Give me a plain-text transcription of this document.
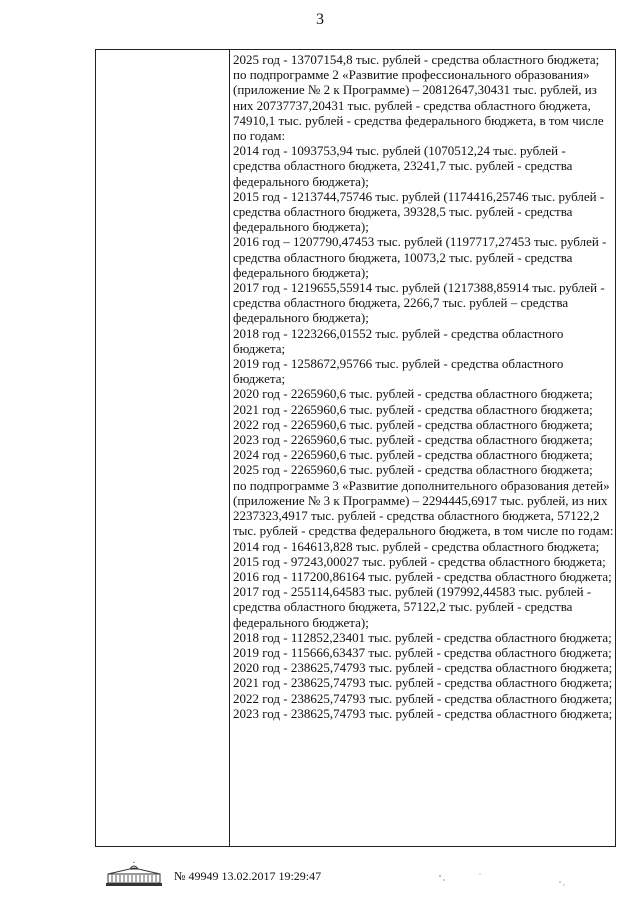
3

2025 год - 13707154,8 тыс. рублей - средства областного бюджета;

по подпрограмме 2 «Развитие профессионального образования» (приложение № 2 к Программе) – 20812647,30431 тыс. рублей, из них 20737737,20431 тыс. рублей - средства областного бюджета, 74910,1 тыс. рублей - средства федерального бюджета, в том числе по годам:

2014 год - 1093753,94 тыс. рублей (1070512,24 тыс. рублей - средства областного бюджета, 23241,7 тыс. рублей - средства федерального бюджета);

2015 год - 1213744,75746 тыс. рублей (1174416,25746 тыс. рублей - средства областного бюджета, 39328,5 тыс. рублей - средства федерального бюджета);

2016 год – 1207790,47453 тыс. рублей (1197717,27453 тыс. рублей - средства областного бюджета, 10073,2 тыс. рублей - средства федерального бюджета);

2017 год - 1219655,55914 тыс. рублей (1217388,85914 тыс. рублей - средства областного бюджета, 2266,7 тыс. рублей – средства федерального бюджета);

2018 год - 1223266,01552 тыс. рублей - средства областного бюджета;

2019 год - 1258672,95766 тыс. рублей - средства областного бюджета;

2020 год - 2265960,6 тыс. рублей - средства областного бюджета;

2021 год - 2265960,6 тыс. рублей - средства областного бюджета;

2022 год - 2265960,6 тыс. рублей - средства областного бюджета;

2023 год - 2265960,6 тыс. рублей - средства областного бюджета;

2024 год - 2265960,6 тыс. рублей - средства областного бюджета;

2025 год - 2265960,6 тыс. рублей - средства областного бюджета;

по подпрограмме 3 «Развитие дополнительного образования детей» (приложение № 3 к Программе) – 2294445,6917 тыс. рублей, из них 2237323,4917 тыс. рублей - средства областного бюджета, 57122,2 тыс. рублей - средства федерального бюджета, в том числе по годам:

2014 год - 164613,828 тыс. рублей - средства областного бюджета;

2015 год - 97243,00027 тыс. рублей - средства областного бюджета;

2016 год - 117200,86164 тыс. рублей - средства областного бюджета;

2017 год - 255114,64583 тыс. рублей (197992,44583 тыс. рублей - средства областного бюджета, 57122,2 тыс. рублей - средства федерального бюджета);

2018 год - 112852,23401 тыс. рублей - средства областного бюджета;

2019 год - 115666,63437 тыс. рублей - средства областного бюджета;

2020 год - 238625,74793 тыс. рублей - средства областного бюджета;

2021 год - 238625,74793 тыс. рублей - средства областного бюджета;

2022 год - 238625,74793 тыс. рублей - средства областного бюджета;

2023 год - 238625,74793 тыс. рублей - средства областного бюджета;

№ 49949 13.02.2017 19:29:47
